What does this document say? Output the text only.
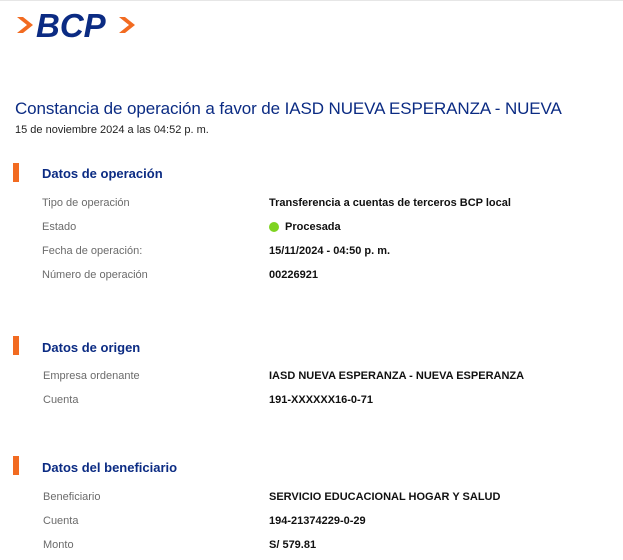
BCP
Constancia de operación a favor de IASD NUEVA ESPERANZA - NUEVA
15 de noviembre 2024 a las 04:52 p. m.
Datos de operación
Tipo de operación	Transferencia a cuentas de terceros BCP local
Estado	Procesada
Fecha de operación:	15/11/2024 - 04:50 p. m.
Número de operación	00226921
Datos de origen
Empresa ordenante	IASD NUEVA ESPERANZA - NUEVA ESPERANZA
Cuenta	191-XXXXXX16-0-71
Datos del beneficiario
Beneficiario	SERVICIO EDUCACIONAL HOGAR Y SALUD
Cuenta	194-21374229-0-29
Monto	S/ 579.81
